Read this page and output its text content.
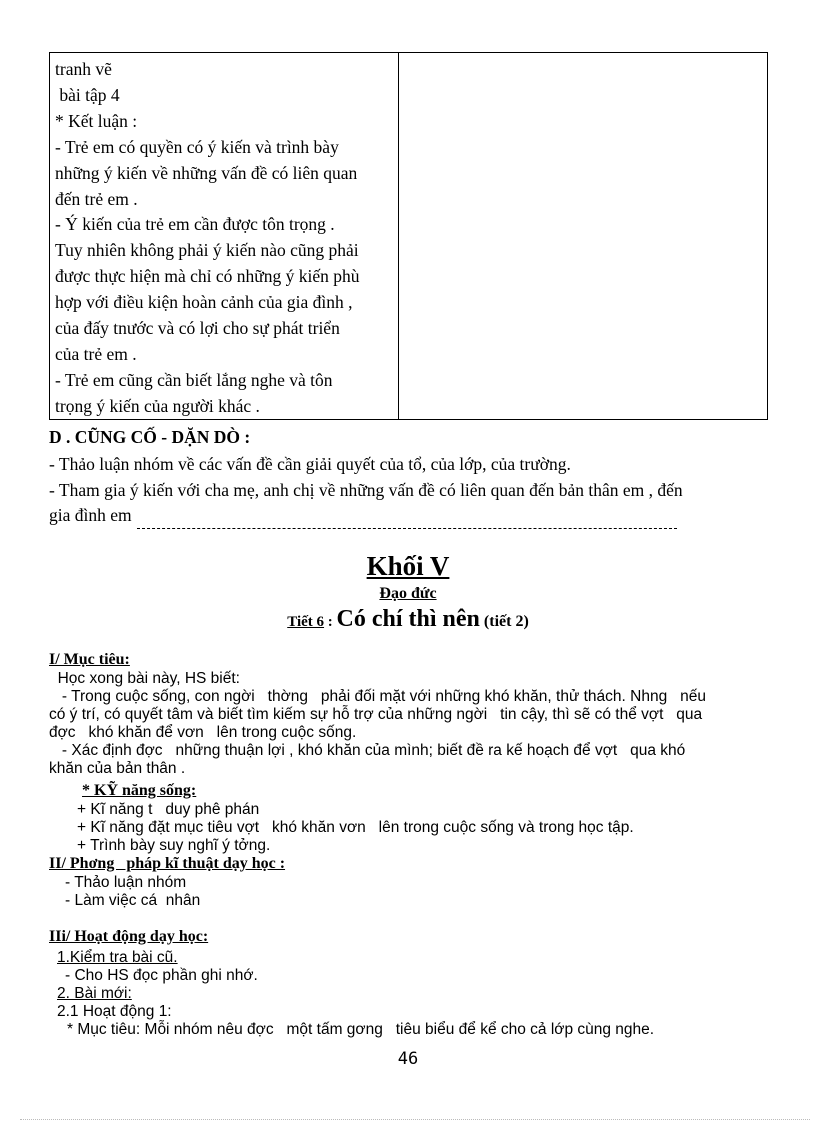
tranh vẽ
bài tập 4
* Kết luận :
- Trẻ em có quyền có ý kiến và trình bày
những ý kiến về những vấn đề có liên quan
đến trẻ em .
- Ý kiến của trẻ em cần được tôn trọng .
Tuy nhiên không phải ý kiến nào cũng phải
được thực hiện mà chỉ có những ý kiến phù
hợp với điều kiện hoàn cảnh của gia đình ,
của đấy tnước và có lợi cho sự phát triển
của trẻ em .
- Trẻ em cũng cần biết lắng nghe và tôn
trọng ý kiến của người khác .
D . CŨNG CỐ - DẶN DÒ :
- Thảo luận nhóm về các vấn đề cần giải quyết của tổ, của lớp, của trường.
- Tham gia ý kiến với cha mẹ, anh chị về những vấn đề có liên quan đến bản thân em , đến
gia đình em
Khối V
Đạo đức
Tiết 6 : Có chí thì nên (tiết 2)
I/ Mục tiêu:
Học xong bài này, HS biết:
- Trong cuộc sống, con ngời   thờng   phải đối mặt với những khó khăn, thử thách. Nhng   nếu
có ý trí, có quyết tâm và biết tìm kiếm sự hỗ trợ của những ngời   tin cậy, thì sẽ có thể vợt   qua
đợc   khó khăn để vơn   lên trong cuộc sống.
- Xác định đợc   những thuận lợi , khó khăn của mình; biết đề ra kế hoạch để vợt   qua khó
khăn của bản thân .
* KỸ năng sống:
+ Kĩ năng t   duy phê phán
+ Kĩ năng đặt mục tiêu vợt   khó khăn vơn   lên trong cuộc sống và trong học tập.
+ Trình bày suy nghĩ ý tởng.
II/ Phơng   pháp kĩ thuật dạy học :
- Thảo luận nhóm
- Làm việc cá  nhân
IIi/ Hoạt động dạy học:
1.Kiểm tra bài cũ.
- Cho HS đọc phần ghi nhớ.
2. Bài mới:
2.1 Hoạt động 1:
* Mục tiêu: Mỗi nhóm nêu đợc   một tấm gơng   tiêu biểu để kể cho cả lớp cùng nghe.
46
